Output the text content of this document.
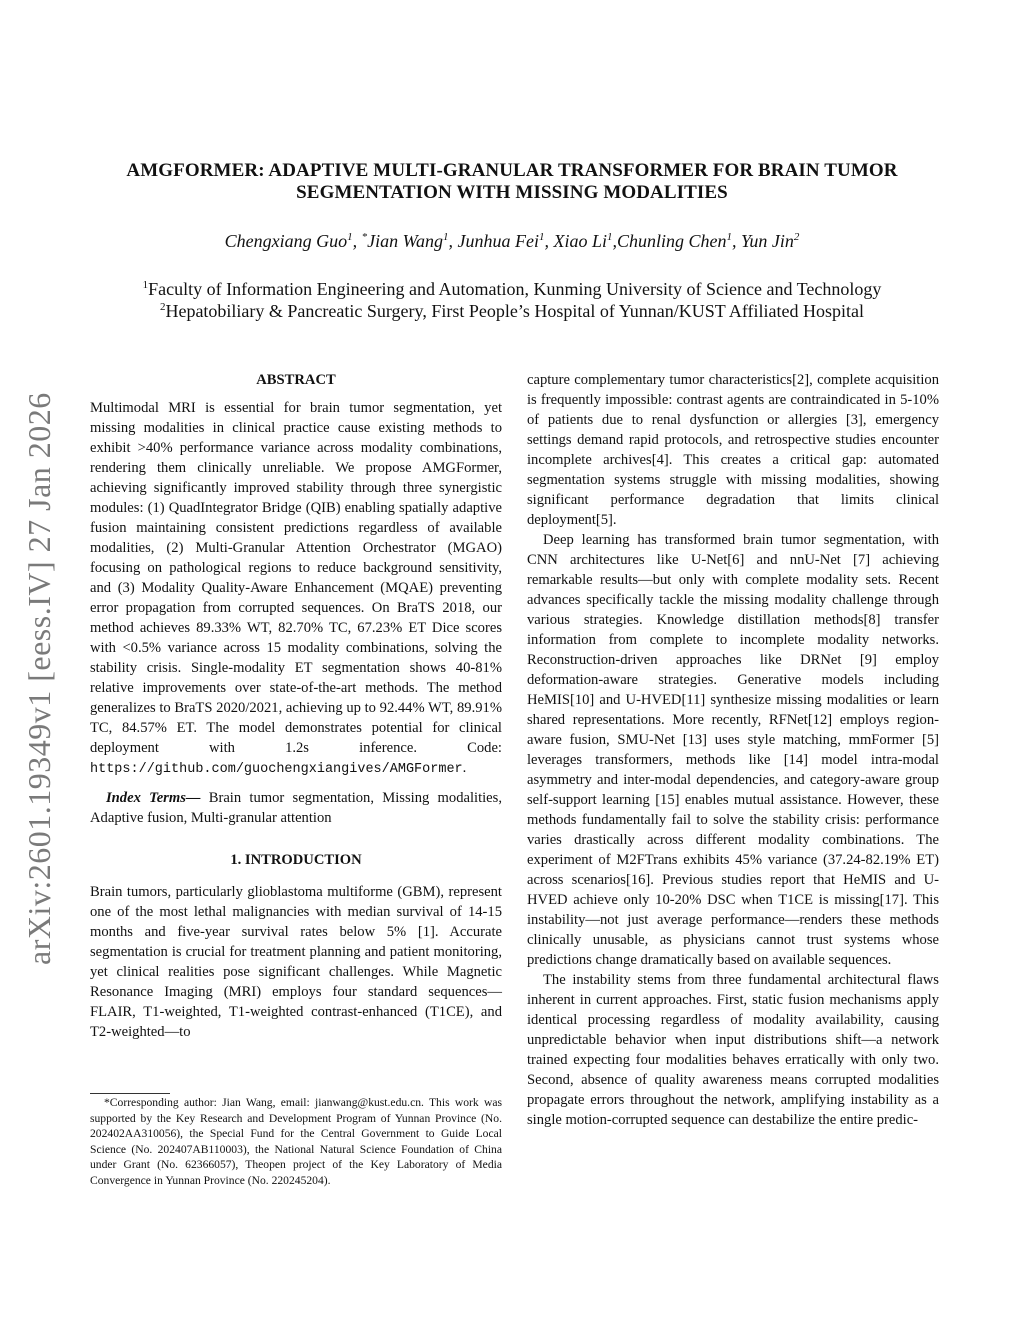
arXiv:2601.19349v1 [eess.IV] 27 Jan 2026
AMGFORMER: ADAPTIVE MULTI-GRANULAR TRANSFORMER FOR BRAIN TUMOR
SEGMENTATION WITH MISSING MODALITIES
Chengxiang Guo$^1$, *Jian Wang$^1$, Junhua Fei$^1$, Xiao Li$^1$,Chunling Chen$^1$, Yun Jin$^2$
$^1$Faculty of Information Engineering and Automation, Kunming University of Science and Technology
$^2$Hepatobiliary & Pancreatic Surgery, First People’s Hospital of Yunnan/KUST Affiliated Hospital
ABSTRACT

Multimodal MRI is essential for brain tumor segmentation, yet missing modalities in clinical practice cause existing methods to exhibit >40% performance variance across modality combinations, rendering them clinically unreliable. We propose AMGFormer, achieving significantly improved stability through three synergistic modules: (1) QuadIntegrator Bridge (QIB) enabling spatially adaptive fusion maintaining consistent predictions regardless of available modalities, (2) Multi-Granular Attention Orchestrator (MGAO) focusing on pathological regions to reduce background sensitivity, and (3) Modality Quality-Aware Enhancement (MQAE) preventing error propagation from corrupted sequences. On BraTS 2018, our method achieves 89.33% WT, 82.70% TC, 67.23% ET Dice scores with <0.5% variance across 15 modality combinations, solving the stability crisis. Single-modality ET segmentation shows 40-81% relative improvements over state-of-the-art methods. The method generalizes to BraTS 2020/2021, achieving up to 92.44% WT, 89.91% TC, 84.57% ET. The model demonstrates potential for clinical deployment with 1.2s inference. Code: https://github.com/guochengxiangives/AMGFormer.

Index Terms— Brain tumor segmentation, Missing modalities, Adaptive fusion, Multi-granular attention

1. INTRODUCTION

Brain tumors, particularly glioblastoma multiforme (GBM), represent one of the most lethal malignancies with median survival of 14-15 months and five-year survival rates below 5% [1]. Accurate segmentation is crucial for treatment planning and patient monitoring, yet clinical realities pose significant challenges. While Magnetic Resonance Imaging (MRI) employs four standard sequences—FLAIR, T1-weighted, T1-weighted contrast-enhanced (T1CE), and T2-weighted—to

capture complementary tumor characteristics[2], complete acquisition is frequently impossible: contrast agents are contraindicated in 5-10% of patients due to renal dysfunction or allergies [3], emergency settings demand rapid protocols, and retrospective studies encounter incomplete archives[4]. This creates a critical gap: automated segmentation systems struggle with missing modalities, showing significant performance degradation that limits clinical deployment[5].

Deep learning has transformed brain tumor segmentation, with CNN architectures like U-Net[6] and nnU-Net [7] achieving remarkable results—but only with complete modality sets. Recent advances specifically tackle the missing modality challenge through various strategies. Knowledge distillation methods[8] transfer information from complete to incomplete modality networks. Reconstruction-driven approaches like DRNet [9] employ deformation-aware strategies. Generative models including HeMIS[10] and U-HVED[11] synthesize missing modalities or learn shared representations. More recently, RFNet[12] employs region-aware fusion, SMU-Net [13] uses style matching, mmFormer [5] leverages transformers, methods like [14] model intra-modal asymmetry and inter-modal dependencies, and category-aware group self-support learning [15] enables mutual assistance. However, these methods fundamentally fail to solve the stability crisis: performance varies drastically across different modality combinations. The experiment of M2FTrans exhibits 45% variance (37.24-82.19% ET) across scenarios[16]. Previous studies report that HeMIS and U-HVED achieve only 10-20% DSC when T1CE is missing[17]. This instability—not just average performance—renders these methods clinically unusable, as physicians cannot trust systems whose predictions change dramatically based on available sequences.

The instability stems from three fundamental architectural flaws inherent in current approaches. First, static fusion mechanisms apply identical processing regardless of modality availability, causing unpredictable behavior when input distributions shift—a network trained expecting four modalities behaves erratically with only two. Second, absence of quality awareness means corrupted modalities propagate errors throughout the network, amplifying instability as a single motion-corrupted sequence can destabilize the entire predic-

*Corresponding author: Jian Wang, email: jianwang@kust.edu.cn. This work was supported by the Key Research and Development Program of Yunnan Province (No. 202402AA310056), the Special Fund for the Central Government to Guide Local Science (No. 202407AB110003), the National Natural Science Foundation of China under Grant (No. 62366057), Theopen project of the Key Laboratory of Media Convergence in Yunnan Province (No. 220245204).
